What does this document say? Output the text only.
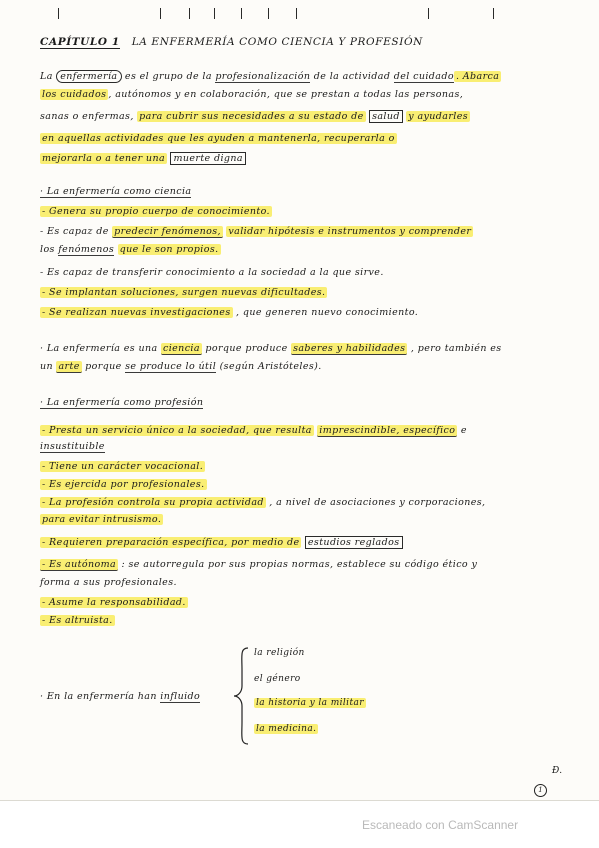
CAPÍTULO 1 LA ENFERMERÍA COMO CIENCIA Y PROFESIÓN
La enfermería es el grupo de la profesionalización de la actividad del cuidado . Abarca
los cuidados , autónomos y en colaboración, que se prestan a todas las personas,
sanas o enfermas, para cubrir sus necesidades a su estado de salud y ayudarles
en aquellas actividades que les ayuden a mantenerla, recuperarla o
mejorarla o a tener una muerte digna
· La enfermería como ciencia
- Genera su propio cuerpo de conocimiento.
- Es capaz de predecir fenómenos, validar hipótesis e instrumentos y comprender
los fenómenos que le son propios.
- Es capaz de transferir conocimiento a la sociedad a la que sirve.
- Se implantan soluciones, surgen nuevas dificultades.
- Se realizan nuevas investigaciones , que generen nuevo conocimiento.
· La enfermería es una ciencia porque produce saberes y habilidades , pero también es
un arte porque se produce lo útil (según Aristóteles).
· La enfermería como profesión
- Presta un servicio único a la sociedad, que resulta imprescindible, específico e
insustituible
- Tiene un carácter vocacional.
- Es ejercida por profesionales.
- La profesión controla su propia actividad , a nivel de asociaciones y corporaciones,
para evitar intrusismo.
- Requieren preparación específica, por medio de estudios reglados
- Es autónoma : se autorregula por sus propias normas, establece su código ético y
forma a sus profesionales.
- Asume la responsabilidad.
- Es altruista.
· En la enfermería han influido
la religión
el género
la historia y la militar
la medicina.
Ɖ.
1
Escaneado con CamScanner
